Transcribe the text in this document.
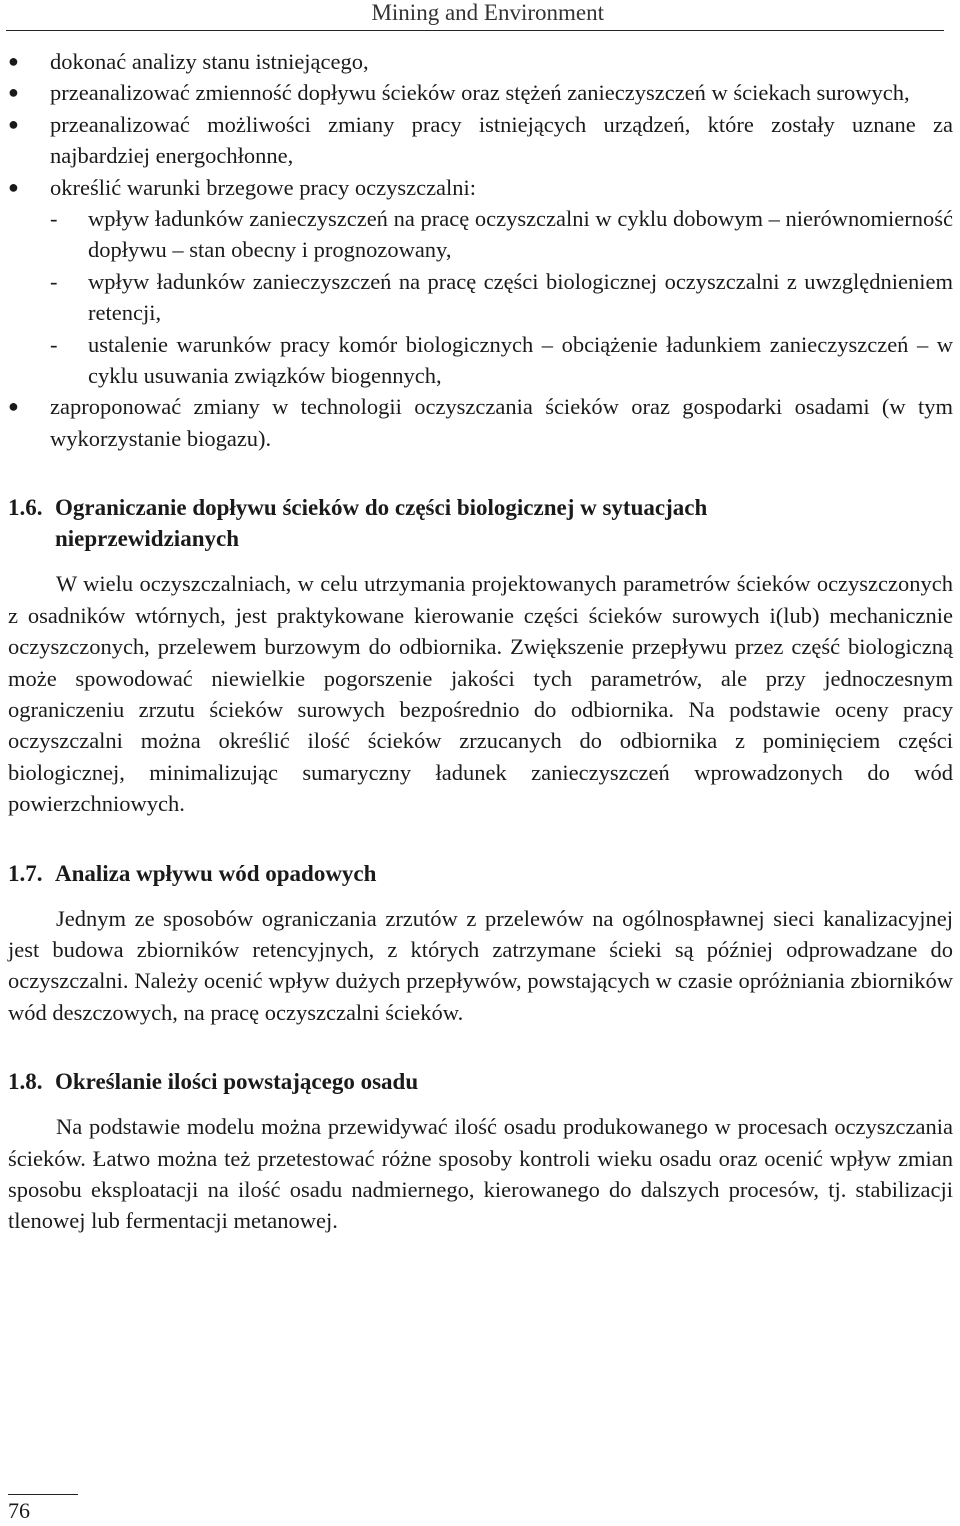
Mining and Environment
● dokonać analizy stanu istniejącego,
● przeanalizować zmienność dopływu ścieków oraz stężeń zanieczyszczeń w ściekach surowych,
● przeanalizować możliwości zmiany pracy istniejących urządzeń, które zostały uznane za najbardziej energochłonne,
● określić warunki brzegowe pracy oczyszczalni:
- wpływ ładunków zanieczyszczeń na pracę oczyszczalni w cyklu dobowym – nierównomierność dopływu – stan obecny i prognozowany,
- wpływ ładunków zanieczyszczeń na pracę części biologicznej oczyszczalni z uwzględnieniem retencji,
- ustalenie warunków pracy komór biologicznych – obciążenie ładunkiem zanieczyszczeń – w cyklu usuwania związków biogennych,
● zaproponować zmiany w technologii oczyszczania ścieków oraz gospodarki osadami (w tym wykorzystanie biogazu).
1.6. Ograniczanie dopływu ścieków do części biologicznej w sytuacjach
nieprzewidzianych

W wielu oczyszczalniach, w celu utrzymania projektowanych parametrów ścieków oczyszczonych z osadników wtórnych, jest praktykowane kierowanie części ścieków surowych i(lub) mechanicznie oczyszczonych, przelewem burzowym do odbiornika. Zwiększenie przepływu przez część biologiczną może spowodować niewielkie pogorszenie jakości tych parametrów, ale przy jednoczesnym ograniczeniu zrzutu ścieków surowych bezpośrednio do odbiornika. Na podstawie oceny pracy oczyszczalni można określić ilość ścieków zrzucanych do odbiornika z pominięciem części biologicznej, minimalizując sumaryczny ładunek zanieczyszczeń wprowadzonych do wód powierzchniowych.

1.7. Analiza wpływu wód opadowych

Jednym ze sposobów ograniczania zrzutów z przelewów na ogólnospławnej sieci kanalizacyjnej jest budowa zbiorników retencyjnych, z których zatrzymane ścieki są później odprowadzane do oczyszczalni. Należy ocenić wpływ dużych przepływów, powstających w czasie opróżniania zbiorników wód deszczowych, na pracę oczyszczalni ścieków.

1.8. Określanie ilości powstającego osadu

Na podstawie modelu można przewidywać ilość osadu produkowanego w procesach oczyszczania ścieków. Łatwo można też przetestować różne sposoby kontroli wieku osadu oraz ocenić wpływ zmian sposobu eksploatacji na ilość osadu nadmiernego, kierowanego do dalszych procesów, tj. stabilizacji tlenowej lub fermentacji metanowej.

76
